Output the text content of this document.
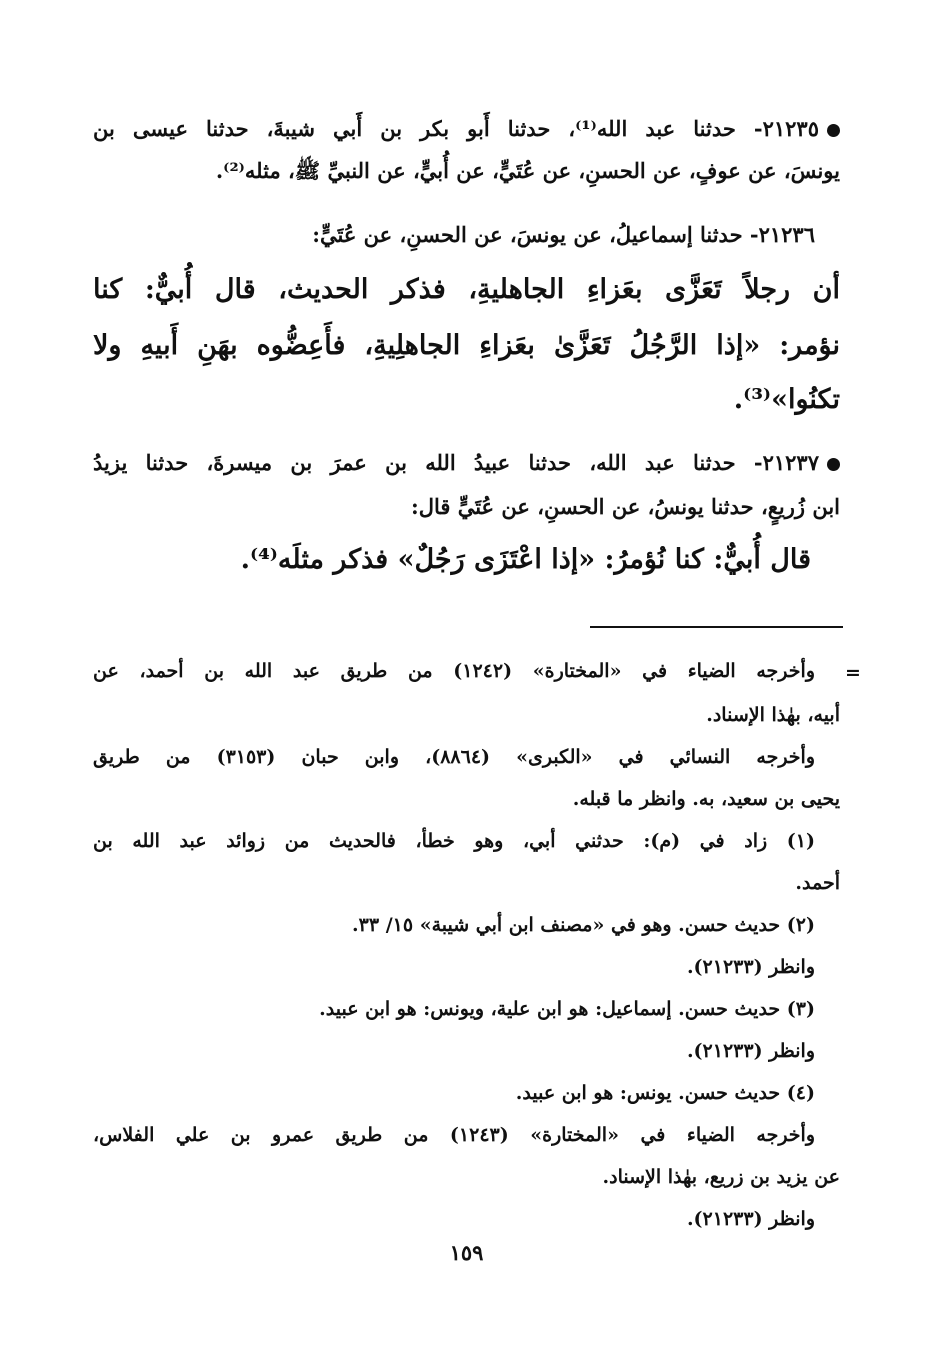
٢١٢٣٥- حدثنا عبد الله⁽¹⁾، حدثنا أَبو بكر بن أَبي شيبةَ، حدثنا عيسى بن

يونسَ، عن عوفٍ، عن الحسنِ، عن عُتَيٍّ، عن أُبيٍّ، عن النبيِّ ﷺ، مثله⁽²⁾.

٢١٢٣٦- حدثنا إسماعيلُ، عن يونسَ، عن الحسنِ، عن عُتَيٍّ:

أن رجلاً تَعَزَّى بعَزاءِ الجاهليةِ، فذكر الحديث، قال أُبيٌّ: كنا

نؤمر: «إذا الرَّجُلُ تَعَزَّىٰ بعَزاءِ الجاهلِيةِ، فأَعِضُّوه بهَنِ أَبيهِ ولا

تكنُوا»⁽³⁾.

٢١٢٣٧- حدثنا عبد الله، حدثنا عبيدُ الله بن عمرَ بن ميسرةَ، حدثنا يزيدُ

ابن زُريعٍ، حدثنا يونسُ، عن الحسنِ، عن عُتَيٍّ قال:

قال أُبيٌّ: كنا نُؤمرُ: «إذا اعْتَزَى رَجُلٌ» فذكر مثلَه⁽⁴⁾.

=

وأخرجه الضياء في «المختارة» (١٢٤٢) من طريق عبد الله بن أحمد، عن

أبيه، بهٰذا الإسناد.

وأخرجه النسائي في «الكبرى» (٨٨٦٤)، وابن حبان (٣١٥٣) من طريق

يحيى بن سعيد، به. وانظر ما قبله.

(١) زاد في (م): حدثني أبي، وهو خطأ، فالحديث من زوائد عبد الله بن

أحمد.

(٢) حديث حسن. وهو في «مصنف ابن أبي شيبة» ١٥/ ٣٣.

وانظر (٢١٢٣٣).

(٣) حديث حسن. إسماعيل: هو ابن علية، ويونس: هو ابن عبيد.

وانظر (٢١٢٣٣).

(٤) حديث حسن. يونس: هو ابن عبيد.

وأخرجه الضياء في «المختارة» (١٢٤٣) من طريق عمرو بن علي الفلاس،

عن يزيد بن زريع، بهٰذا الإسناد.

وانظر (٢١٢٣٣).

١٥٩
